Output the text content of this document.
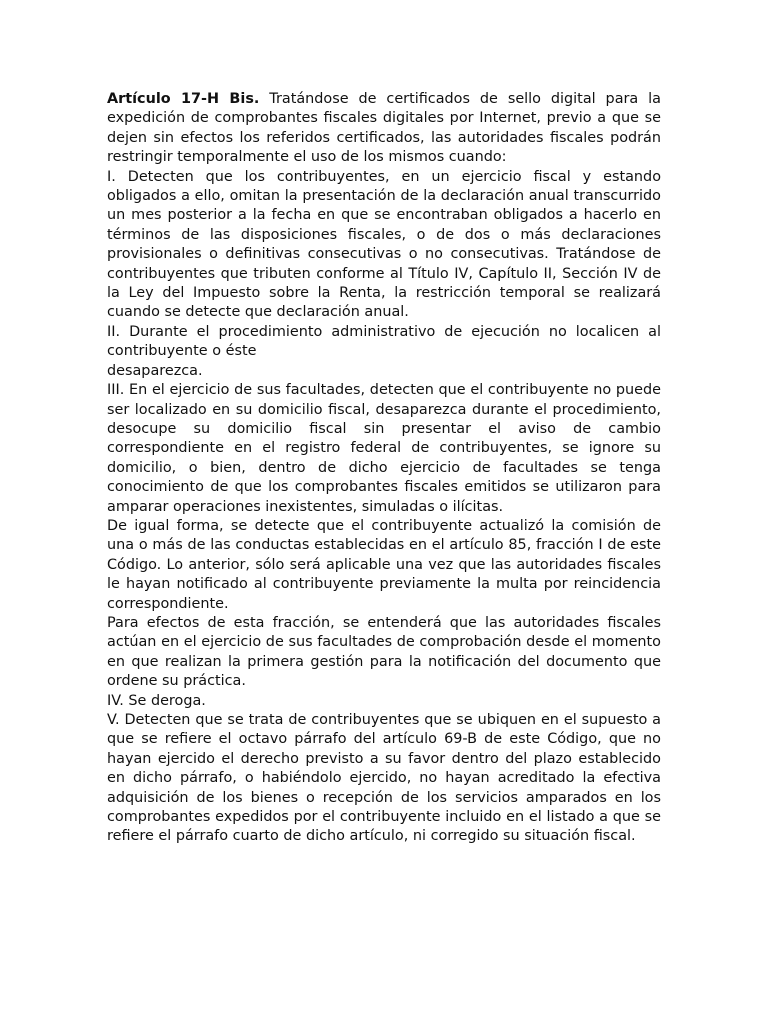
Artículo 17-H Bis. Tratándose de certificados de sello digital para la expedición de comprobantes fiscales digitales por Internet, previo a que se dejen sin efectos los referidos certificados, las autoridades fiscales podrán restringir temporalmente el uso de los mismos cuando:

I. Detecten que los contribuyentes, en un ejercicio fiscal y estando obligados a ello, omitan la presentación de la declaración anual transcurrido un mes posterior a la fecha en que se encontraban obligados a hacerlo en términos de las disposiciones fiscales, o de dos o más declaraciones provisionales o definitivas consecutivas o no consecutivas. Tratándose de contribuyentes que tributen conforme al Título IV, Capítulo II, Sección IV de la Ley del Impuesto sobre la Renta, la restricción temporal se realizará cuando se detecte que declaración anual.

II. Durante el procedimiento administrativo de ejecución no localicen al contribuyente o éste

desaparezca.

III. En el ejercicio de sus facultades, detecten que el contribuyente no puede ser localizado en su domicilio fiscal, desaparezca durante el procedimiento, desocupe su domicilio fiscal sin presentar el aviso de cambio correspondiente en el registro federal de contribuyentes, se ignore su domicilio, o bien, dentro de dicho ejercicio de facultades se tenga conocimiento de que los comprobantes fiscales emitidos se utilizaron para amparar operaciones inexistentes, simuladas o ilícitas.

De igual forma, se detecte que el contribuyente actualizó la comisión de una o más de las conductas establecidas en el artículo 85, fracción I de este Código. Lo anterior, sólo será aplicable una vez que las autoridades fiscales le hayan notificado al contribuyente previamente la multa por reincidencia correspondiente.

Para efectos de esta fracción, se entenderá que las autoridades fiscales actúan en el ejercicio de sus facultades de comprobación desde el momento en que realizan la primera gestión para la notificación del documento que ordene su práctica.

IV. Se deroga.

V. Detecten que se trata de contribuyentes que se ubiquen en el supuesto a que se refiere el octavo párrafo del artículo 69-B de este Código, que no hayan ejercido el derecho previsto a su favor dentro del plazo establecido en dicho párrafo, o habiéndolo ejercido, no hayan acreditado la efectiva adquisición de los bienes o recepción de los servicios amparados en los comprobantes expedidos por el contribuyente incluido en el listado a que se refiere el párrafo cuarto de dicho artículo, ni corregido su situación fiscal.
